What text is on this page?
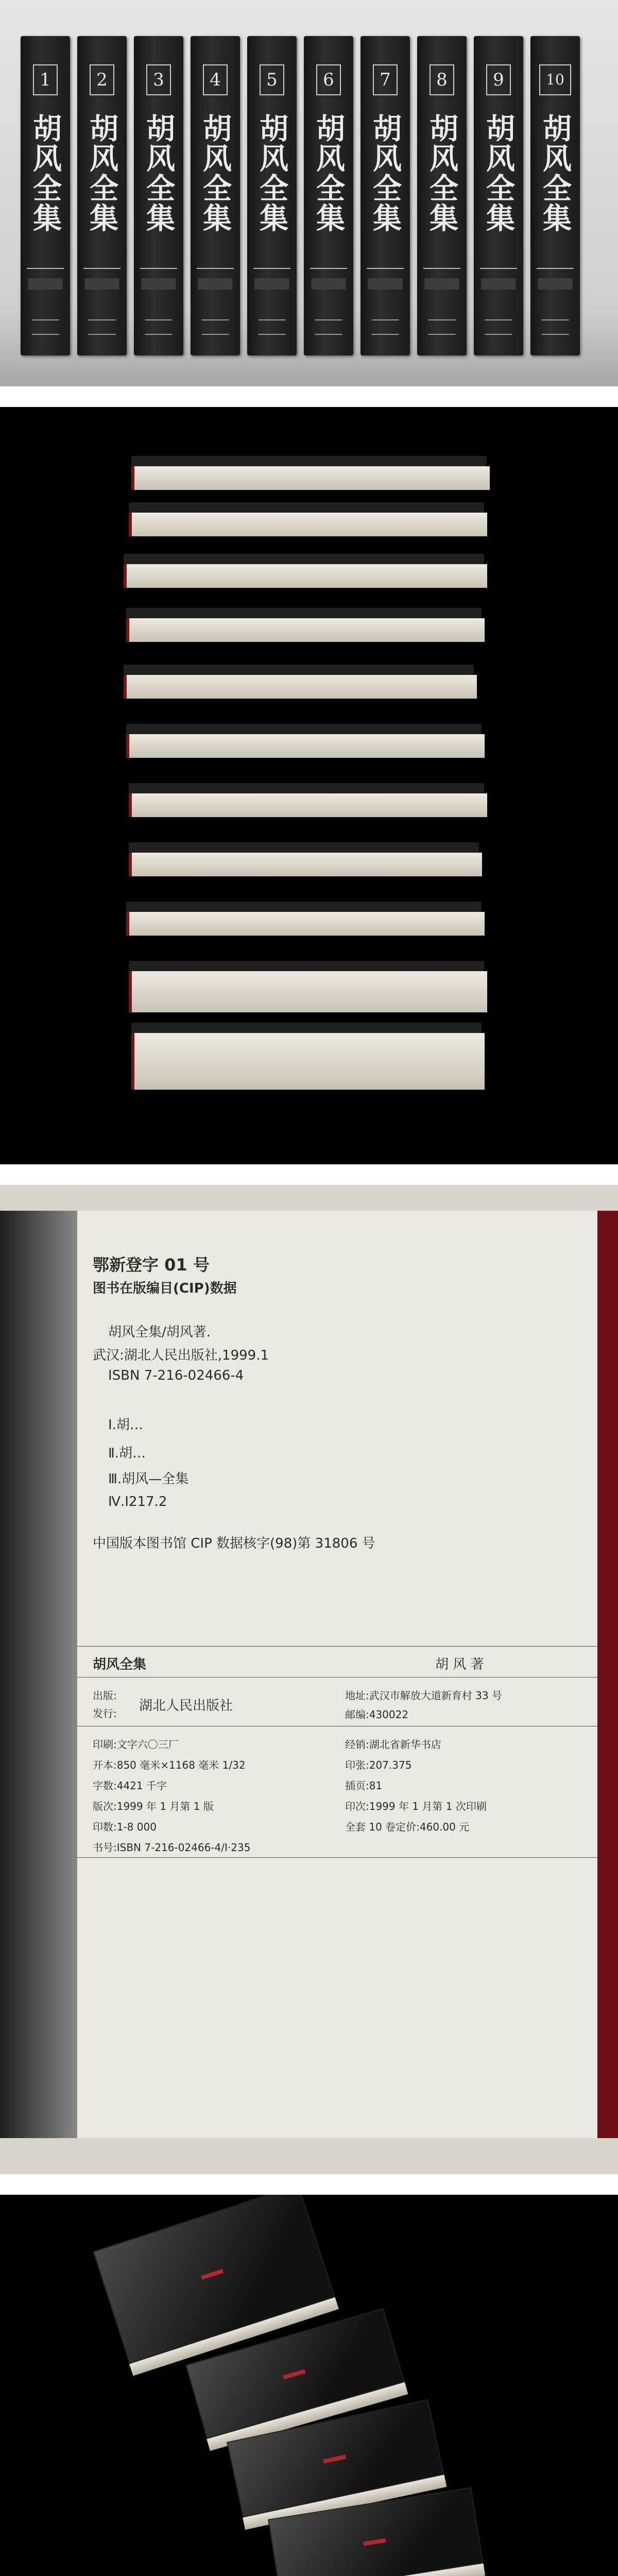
1
胡风全集
2
胡风全集
3
胡风全集
4
胡风全集
5
胡风全集
6
胡风全集
7
胡风全集
8
胡风全集
9
胡风全集
10
胡风全集
鄂新登字 01 号
图书在版编目(CIP)数据
胡风全集/胡风著.
武汉:湖北人民出版社,1999.1
ISBN 7-216-02466-4
Ⅰ.胡…
Ⅱ.胡…
Ⅲ.胡风—全集
Ⅳ.I217.2
中国版本图书馆 CIP 数据核字(98)第 31806 号
胡风全集	胡 风 著
出版:
发行: 湖北人民出版社
地址:武汉市解放大道新育村 33 号
邮编:430022
印刷:文字六〇三厂
开本:850 毫米×1168 毫米 1/32
字数:4421 千字
版次:1999 年 1 月第 1 版
印数:1-8 000
书号:ISBN 7-216-02466-4/I·235
经销:湖北省新华书店
印张:207.375
插页:81
印次:1999 年 1 月第 1 次印刷
全套 10 卷定价:460.00 元
